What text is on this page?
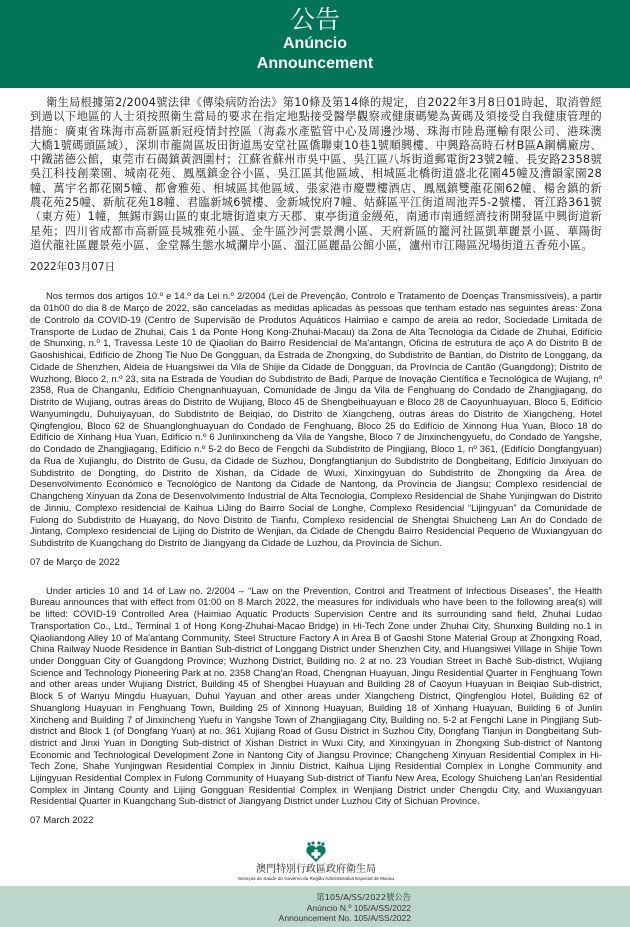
公告
Anúncio
Announcement

衛生局根據第2/2004號法律《傳染病防治法》第10條及第14條的規定，自2022年3月8日01時起，取消曾經到過以下地區的人士須按照衛生當局的要求在指定地點接受醫學觀察或健康碼變為黃碼及須接受自我健康管理的措施：廣東省珠海市高新區新冠疫情封控區（海淼水產監管中心及周邊沙場、珠海市陸島運輸有限公司、港珠澳大橋1號碼頭區域），深圳市龍崗區坂田街道馬安堂社區僑聯東10巷1號順興樓、中興路高時石材B區A鋼構廠房、中鐵諾德公館，東莞市石碣鎮黃泗圍村；江蘇省蘇州市吳中區、吳江區八坼街道郵電街23號2幢、長安路2358號吳江科技創業園、城南花苑、鳳凰鎮金谷小區、吳江區其他區域、相城區北橋街道盛北花園45幢及漕韻家園28幢、萬宇名都花園5幢、都會雅苑、相城區其他區域、張家港市慶豐樓酒店、鳳凰鎮雙龍花園62幢、楊舍鎮的新農花苑25幢、新航花苑18幢、君臨新城6號樓、金新城悅府7幢、姑蘇區平江街道周池弄5-2號樓、胥江路361號（東方苑）1幢，無錫市錫山區的東北塘街道東方天郡、東亭街道金縵苑，南通市南通經濟技術開發區中興街道新星苑；四川省成都市高新區長城雅苑小區、金牛區沙河雲景灣小區、天府新區的籠河社區凱華麗景小區、華陽街道伏龍社區麗景苑小區、金堂縣生態水城瀾岸小區、溫江區麗晶公館小區，瀘州市江陽區況場街道五香苑小區。

2022年03月07日

Nos termos dos artigos 10.º e 14.º da Lei n.º 2/2004 (Lei de Prevenção, Controlo e Tratamento de Doenças Transmissíveis), a partir da 01h00 do dia 8 de Março de 2022, são canceladas as medidas aplicadas às pessoas que tenham estado nas seguintes áreas: Zona de Controlo da COVID-19 (Centro de Supervisão de Produtos Aquáticos Haimiao e campo de areia ao redor, Sociedade Limitada de Transporte de Ludao de Zhuhai, Cais 1 da Ponte Hong Kong-Zhuhai-Macau) da Zona de Alta Tecnologia da Cidade de Zhuhai, Edifício de Shunxing, n.º 1, Travessa Leste 10 de Qiaolian do Bairro Residencial de Ma'antangn, Oficina de estrutura de aço A do Distrito B de Gaoshishicai, Edifício de Zhong Tie Nuo De Gongguan, da Estrada de Zhongxing, do Subdistrito de Bantian, do Distrito de Longgang, da Cidade de Shenzhen, Aldeia de Huangsiwei da Vila de Shijie da Cidade de Dongguan, da Província de Cantão (Guangdong); Distrito de Wuzhong, Bloco 2, n.º 23, sita na Estrada de Youdian do Subdistrito de Badi, Parque de Inovação Científica e Tecnológica de Wujiang, nº 2358, Rua de Changanlu, Edifício Chengnanhuayuan, Comunidade de Jingu da Vila de Fenghuang do Condado de Zhangjiagang, do Distrito de Wujiang, outras áreas do Distrito de Wujiang, Bloco 45 de Shengbeihuayuan e Bloco 28 de Caoyunhuayuan, Bloco 5, Edifício Wanyumingdu, Duhuiyayuan, do Subdistrito de Beiqiao, do Distrito de Xiangcheng, outras áreas do Distrito de Xiangcheng, Hotel Qingfenglou, Bloco 62 de Shuanglonghuayuan do Condado de Fenghuang, Bloco 25 do Edifício de Xinnong Hua Yuan, Bloco 18 do Edifício de Xinhang Hua Yuan, Edifício n.º 6 Junlinxincheng da Vila de Yangshe, Bloco 7 de Jinxinchengyuefu, do Condado de Yangshe, do Condado de Zhangjiagang, Edifício n.º 5-2 do Beco de Fengchi da Subdistrito de Pingjiang, Bloco 1, nº 361, (Edifício Dongfangyuan) da Rua de Xujianglu, do Distrito de Gusu, da Cidade de Suzhou, Dongfangtianjun do Subdistrito de Dongbeitang, Edifício Jinxiyuan do Subdistrito de Dongting, do Distrito de Xishan, da Cidade de Wuxi, Xinxingyuan do Subdistrito de Zhongxing da Área de Desenvolvimento Económico e Tecnológico de Nantong da Cidade de Nantong, da Província de Jiangsu; Complexo residencial de Changcheng Xinyuan da Zona de Desenvolvimento Industrial de Alta Tecnologia, Complexo Residencial de Shahe Yunjingwan do Distrito de Jinniu, Complexo residencial de Kaihua LiJing do Bairro Social de Longhe, Complexo Residencial “Lijingyuan” da Comunidade de Fulong do Subdistrito de Huayang, do Novo Distrito de Tianfu, Complexo residencial de Shengtai Shuicheng Lan An do Condado de Jintang, Complexo residencial de Lijing do Distrito de Wenjian, da Cidade de Chengdu Bairro Residencial Pequeno de Wuxiangyuan do Subdistrito de Kuangchang do Distrito de Jiangyang da Cidade de Luzhou, da Província de Sichun.

07 de Março de 2022

Under articles 10 and 14 of Law no. 2/2004 – “Law on the Prevention, Control and Treatment of Infectious Diseases”, the Health Bureau announces that with effect from 01:00 on 8 March 2022, the measures for individuals who have been to the following area(s) will be lifted: COVID-19 Controlled Area (Haimiao Aquatic Products Supervision Centre and its surrounding sand field, Zhuhai Ludao Transportation Co., Ltd., Terminal 1 of Hong Kong-Zhuhai-Macao Bridge) in Hi-Tech Zone under Zhuhai City, Shunxing Building no.1 in Qiaoliandong Alley 10 of Ma'antang Community, Steel Structure Factory A in Area B of Gaoshi Stone Material Group at Zhongxing Road, China Railway Nuode Residence in Bantian Sub-district of Longgang District under Shenzhen City, and Huangsiwei Village in Shijie Town under Dongguan City of Guangdong Province; Wuzhong District, Building no. 2 at no. 23 Youdian Street in Bachě Sub-district, Wujiang Science and Technology Pioneering Park at no. 2358 Chang'an Road, Chengnan Huayuan, Jingu Residential Quarter in Fenghuang Town and other areas under Wujiang District, Building 45 of Shengbei Huayuan and Building 28 of Caoyun Huayuan in Beiqiao Sub-district, Block 5 of Wanyu Mingdu Huayuan, Duhui Yayuan and other areas under Xiangcheng District, Qingfenglou Hotel, Building 62 of Shuanglong Huayuan in Fenghuang Town, Building 25 of Xinnong Huayuan, Building 18 of Xinhang Huayuan, Building 6 of Junlin Xincheng and Building 7 of Jinxincheng Yuefu in Yangshe Town of Zhangjiagang City, Building no. 5-2 at Fengchi Lane in Pingjiang Sub-district and Block 1 (of Dongfang Yuan) at no. 361 Xujiang Road of Gusu District in Suzhou City, Dongfang Tianjun in Dongbeitang Sub-district and Jinxi Yuan in Dongting Sub-district of Xishan District in Wuxi City, and Xinxingyuan in Zhongxing Sub-district of Nantong Economic and Technological Development Zone in Nantong City of Jiangsu Province; Changcheng Xinyuan Residential Complex in Hi-Tech Zone, Shahe Yunjingwan Residential Complex in Jinniu District, Kaihua Lijing Residential Complex in Longhe Community and Lijingyuan Residential Complex in Fulong Community of Huayang Sub-district of Tianfu New Area, Ecology Shuicheng Lan'an Residential Complex in Jintang County and Lijing Gongguan Residential Complex in Wenjiang District under Chengdu City, and Wuxiangyuan Residential Quarter in Kuangchang Sub-district of Jiangyang District under Luzhou City of Sichuan Province.

07 March 2022
澳門特別行政區政府衛生局
Serviços de Saúde do Governo da Região Administrativa Especial de Macau
第105/A/SS/2022號公告
Anúncio N.º 105/A/SS/2022
Announcement No. 105/A/SS/2022
